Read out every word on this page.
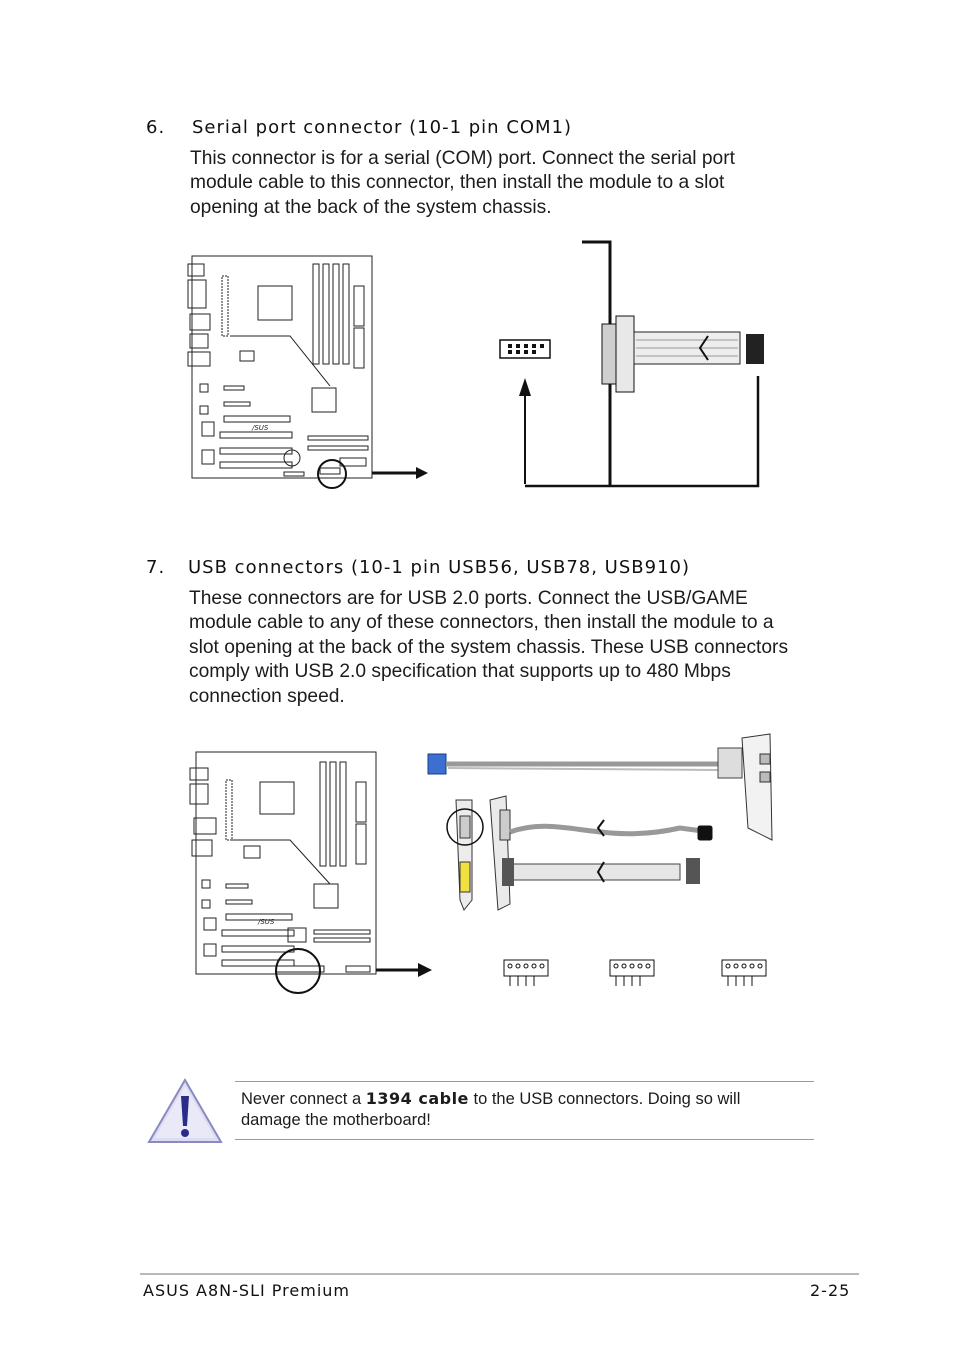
6. Serial port connector (10-1 pin COM1)
This connector is for a serial (COM) port. Connect the serial port
module cable to this connector, then install the module to a slot
opening at the back of the system chassis.
/SUS
7. USB connectors (10-1 pin USB56, USB78, USB910)
These connectors are for USB 2.0 ports. Connect the USB/GAME
module cable to any of these connectors, then install the module to a
slot opening at the back of the system chassis. These USB connectors
comply with USB 2.0 specification that supports up to 480 Mbps
connection speed.
/SUS
Never connect a 1394 cable to the USB connectors. Doing so will
damage the motherboard!
ASUS A8N-SLI Premium	2-25
